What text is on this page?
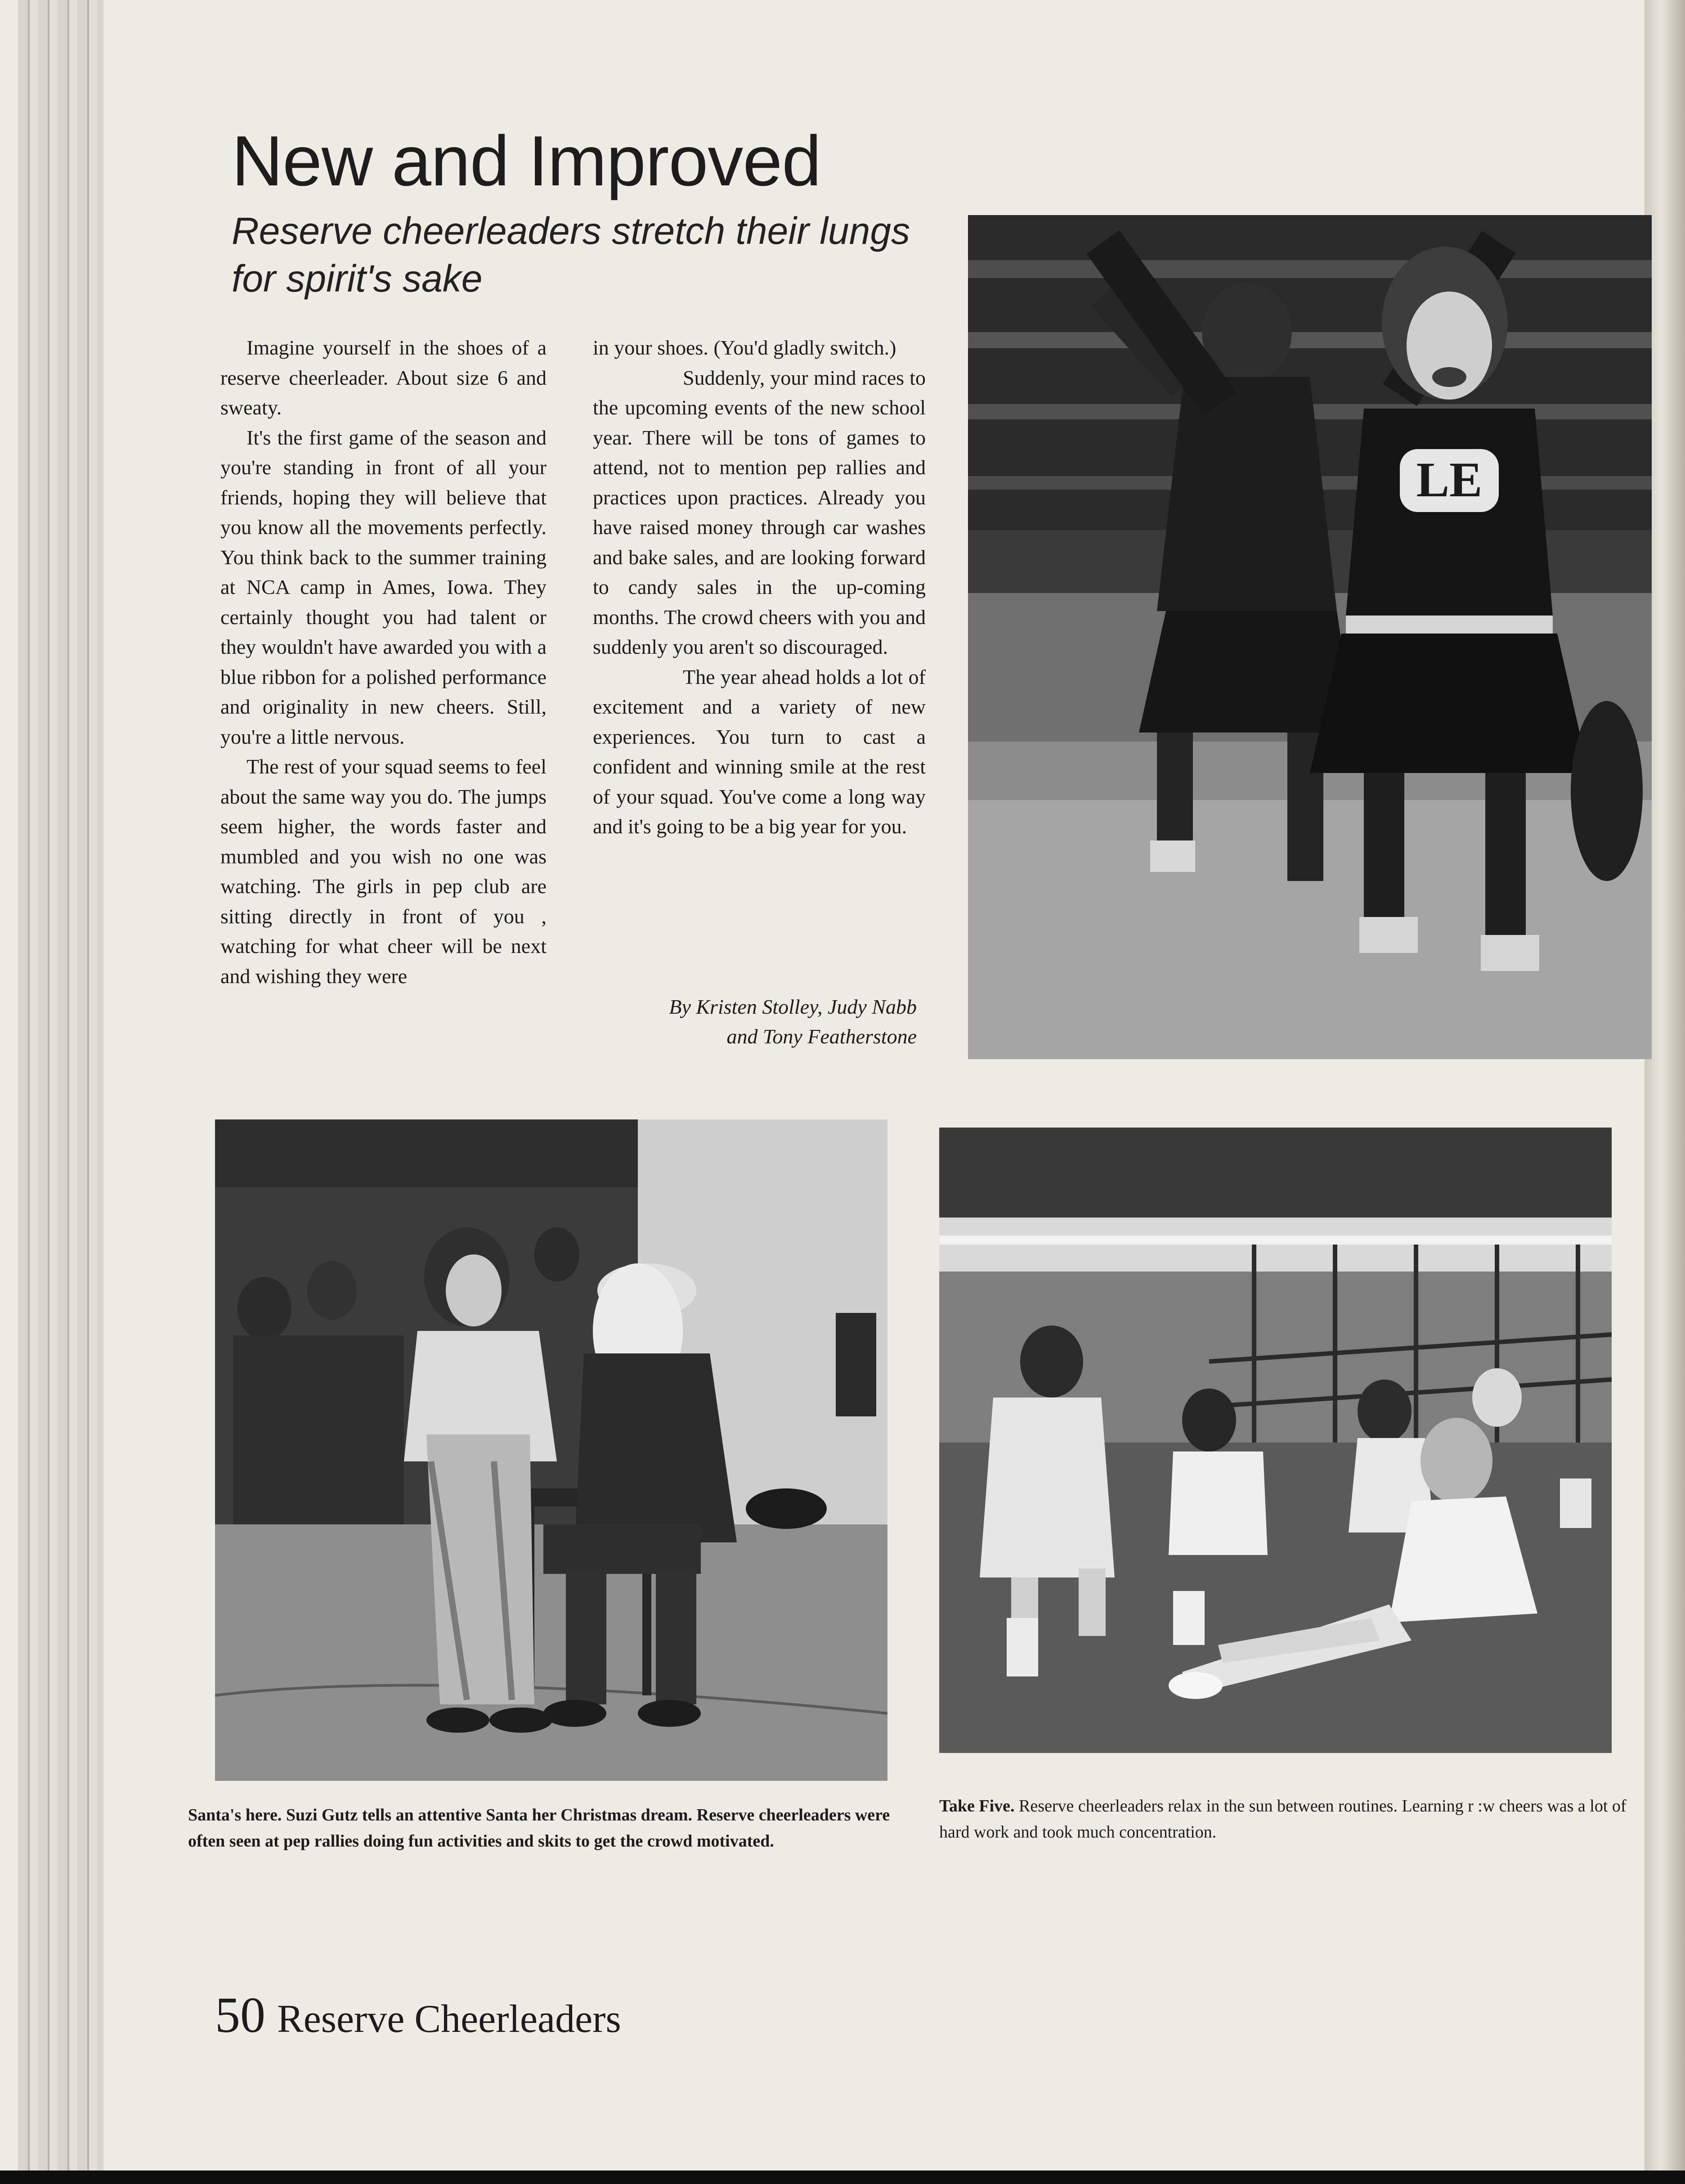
New and Improved
Reserve cheerleaders stretch their lungs for spirit's sake

Imagine yourself in the shoes of a reserve cheerleader. About size 6 and sweaty.

It's the first game of the season and you're standing in front of all your friends, hoping they will believe that you know all the movements perfectly. You think back to the summer training at NCA camp in Ames, Iowa. They certainly thought you had talent or they wouldn't have awarded you with a blue ribbon for a polished performance and originality in new cheers. Still, you're a little nervous.

The rest of your squad seems to feel about the same way you do. The jumps seem higher, the words faster and mumbled and you wish no one was watching. The girls in pep club are sitting directly in front of you , watching for what cheer will be next and wishing they were

in your shoes. (You'd gladly switch.)

Suddenly, your mind races to the upcoming events of the new school year. There will be tons of games to attend, not to mention pep rallies and practices upon practices. Already you have raised money through car washes and bake sales, and are looking forward to candy sales in the up-coming months. The crowd cheers with you and suddenly you aren't so discouraged.

The year ahead holds a lot of excitement and a variety of new experiences. You turn to cast a confident and winning smile at the rest of your squad. You've come a long way and it's going to be a big year for you.

By Kristen Stolley, Judy Nabb
and Tony Featherstone
LE
Santa's here. Suzi Gutz tells an attentive Santa her Christmas dream. Reserve cheerleaders were often seen at pep rallies doing fun activities and skits to get the crowd motivated.
Take Five. Reserve cheerleaders relax in the sun between routines. Learning r :w cheers was a lot of hard work and took much concentration.
50 Reserve Cheerleaders
